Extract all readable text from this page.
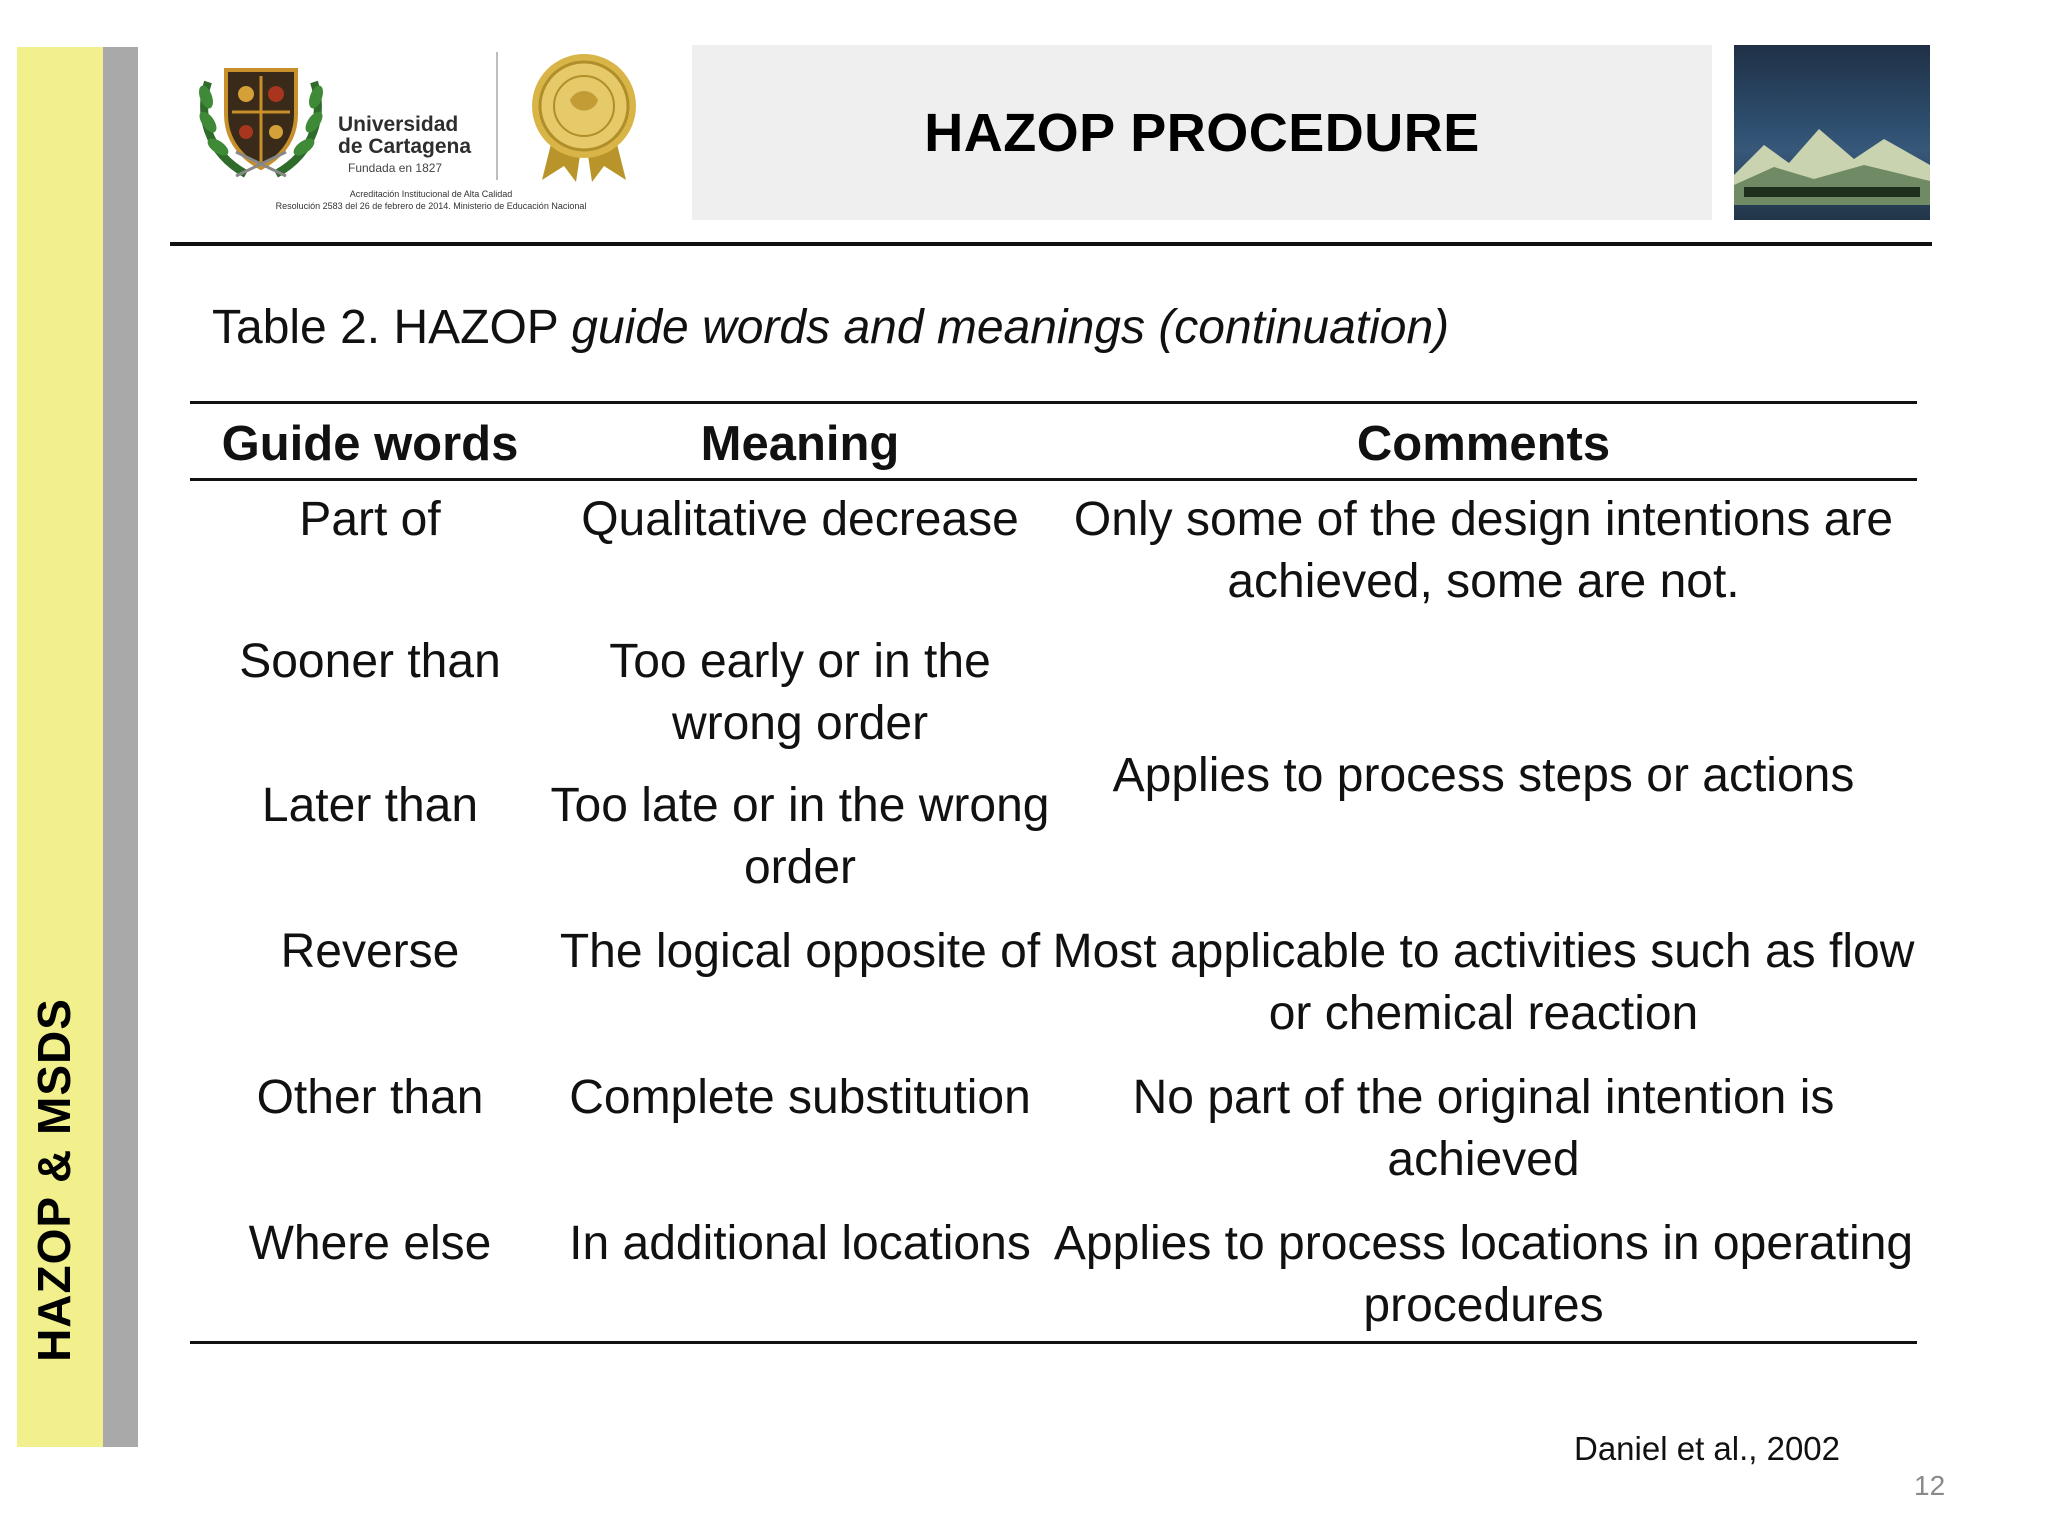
HAZOP & MSDS
Universidad
de Cartagena
Fundada en 1827
Acreditación Institucional de Alta Calidad
Resolución 2583 del 26 de febrero de 2014. Ministerio de Educación Nacional
HAZOP PROCEDURE
Table 2. HAZOP guide words and meanings (continuation)
Guide words	Meaning	Comments
Part of	Qualitative decrease	Only some of the design intentions are achieved, some are not.
Sooner than	Too early or in the wrong order	Applies to process steps or actions
Later than	Too late or in the wrong order	
Reverse	The logical opposite of	Most applicable to activities such as flow or chemical reaction
Other than	Complete substitution	No part of the original intention is achieved
Where else	In additional locations	Applies to process locations in operating procedures
Daniel et al., 2002
12
